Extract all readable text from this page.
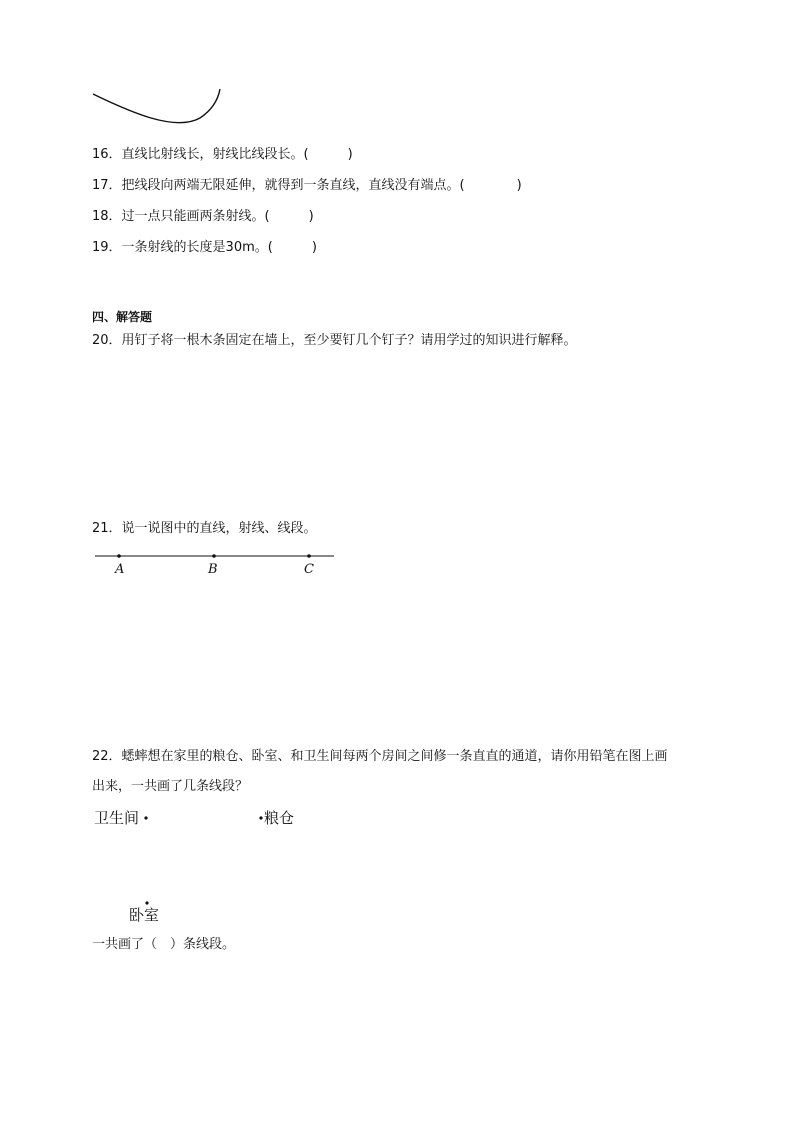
16．直线比射线长，射线比线段长。(　　　)
17．把线段向两端无限延伸，就得到一条直线，直线没有端点。(　　　　)
18．过一点只能画两条射线。(　　　)
19．一条射线的长度是30m。(　　　)
四、解答题
20．用钉子将一根木条固定在墙上，至少要钉几个钉子？请用学过的知识进行解释。
21．说一说图中的直线，射线、线段。
A	B	C
22．蟋蟀想在家里的粮仓、卧室、和卫生间每两个房间之间修一条直直的通道，请你用铅笔在图上画
出来，一共画了几条线段？
卫生间	粮仓
卧室
一共画了（　）条线段。
